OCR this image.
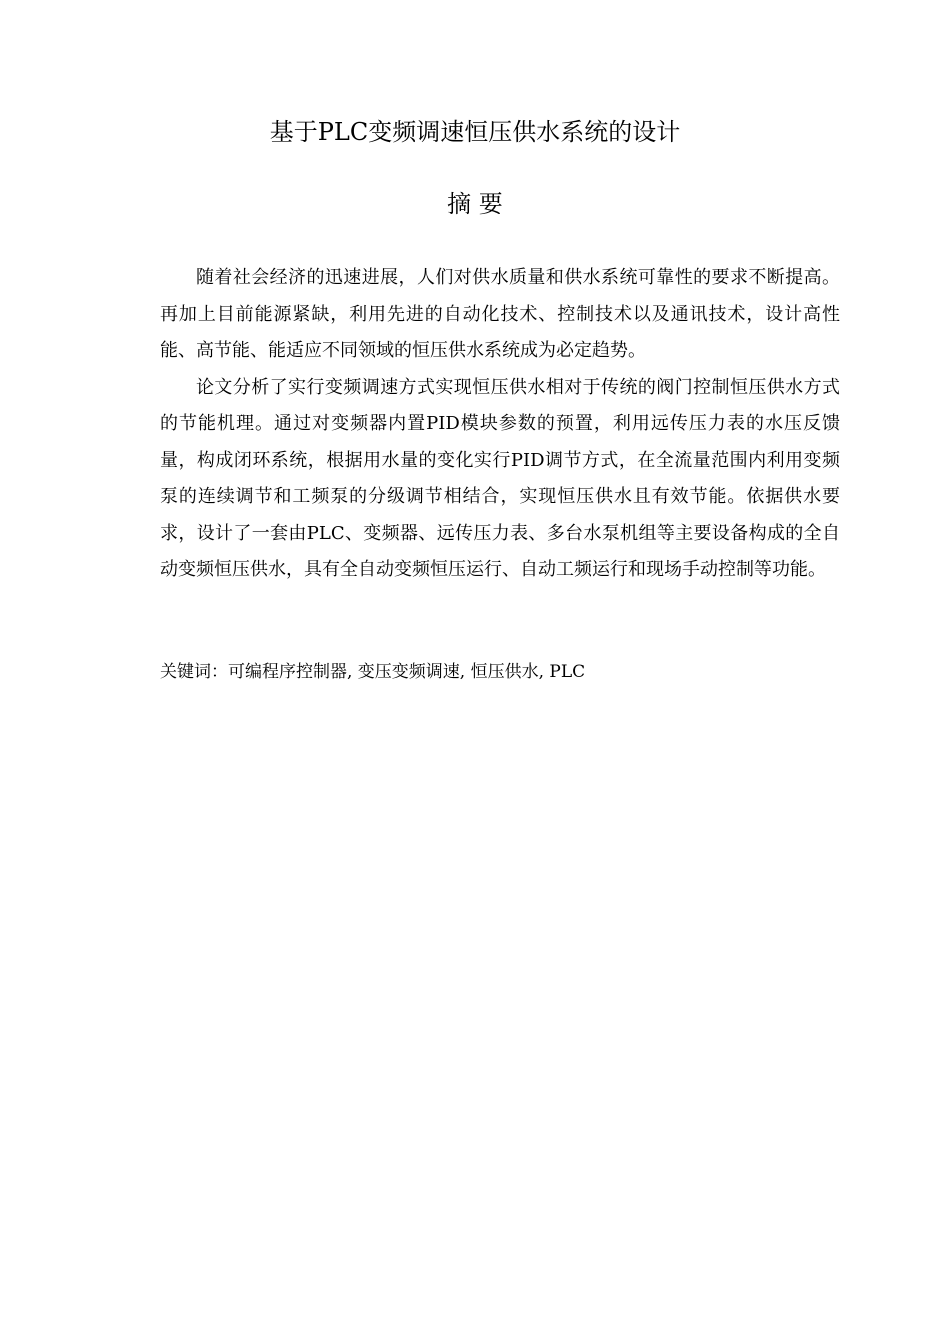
基于PLC变频调速恒压供水系统的设计
摘 要

随着社会经济的迅速进展，人们对供水质量和供水系统可靠性的要求不断提高。再加上目前能源紧缺，利用先进的自动化技术、控制技术以及通讯技术，设计高性能、高节能、能适应不同领域的恒压供水系统成为必定趋势。

论文分析了实行变频调速方式实现恒压供水相对于传统的阀门控制恒压供水方式的节能机理。通过对变频器内置PID模块参数的预置，利用远传压力表的水压反馈量，构成闭环系统，根据用水量的变化实行PID调节方式，在全流量范围内利用变频泵的连续调节和工频泵的分级调节相结合，实现恒压供水且有效节能。依据供水要求，设计了一套由PLC、变频器、远传压力表、多台水泵机组等主要设备构成的全自动变频恒压供水，具有全自动变频恒压运行、自动工频运行和现场手动控制等功能。

关键词：可编程序控制器, 变压变频调速, 恒压供水, PLC
